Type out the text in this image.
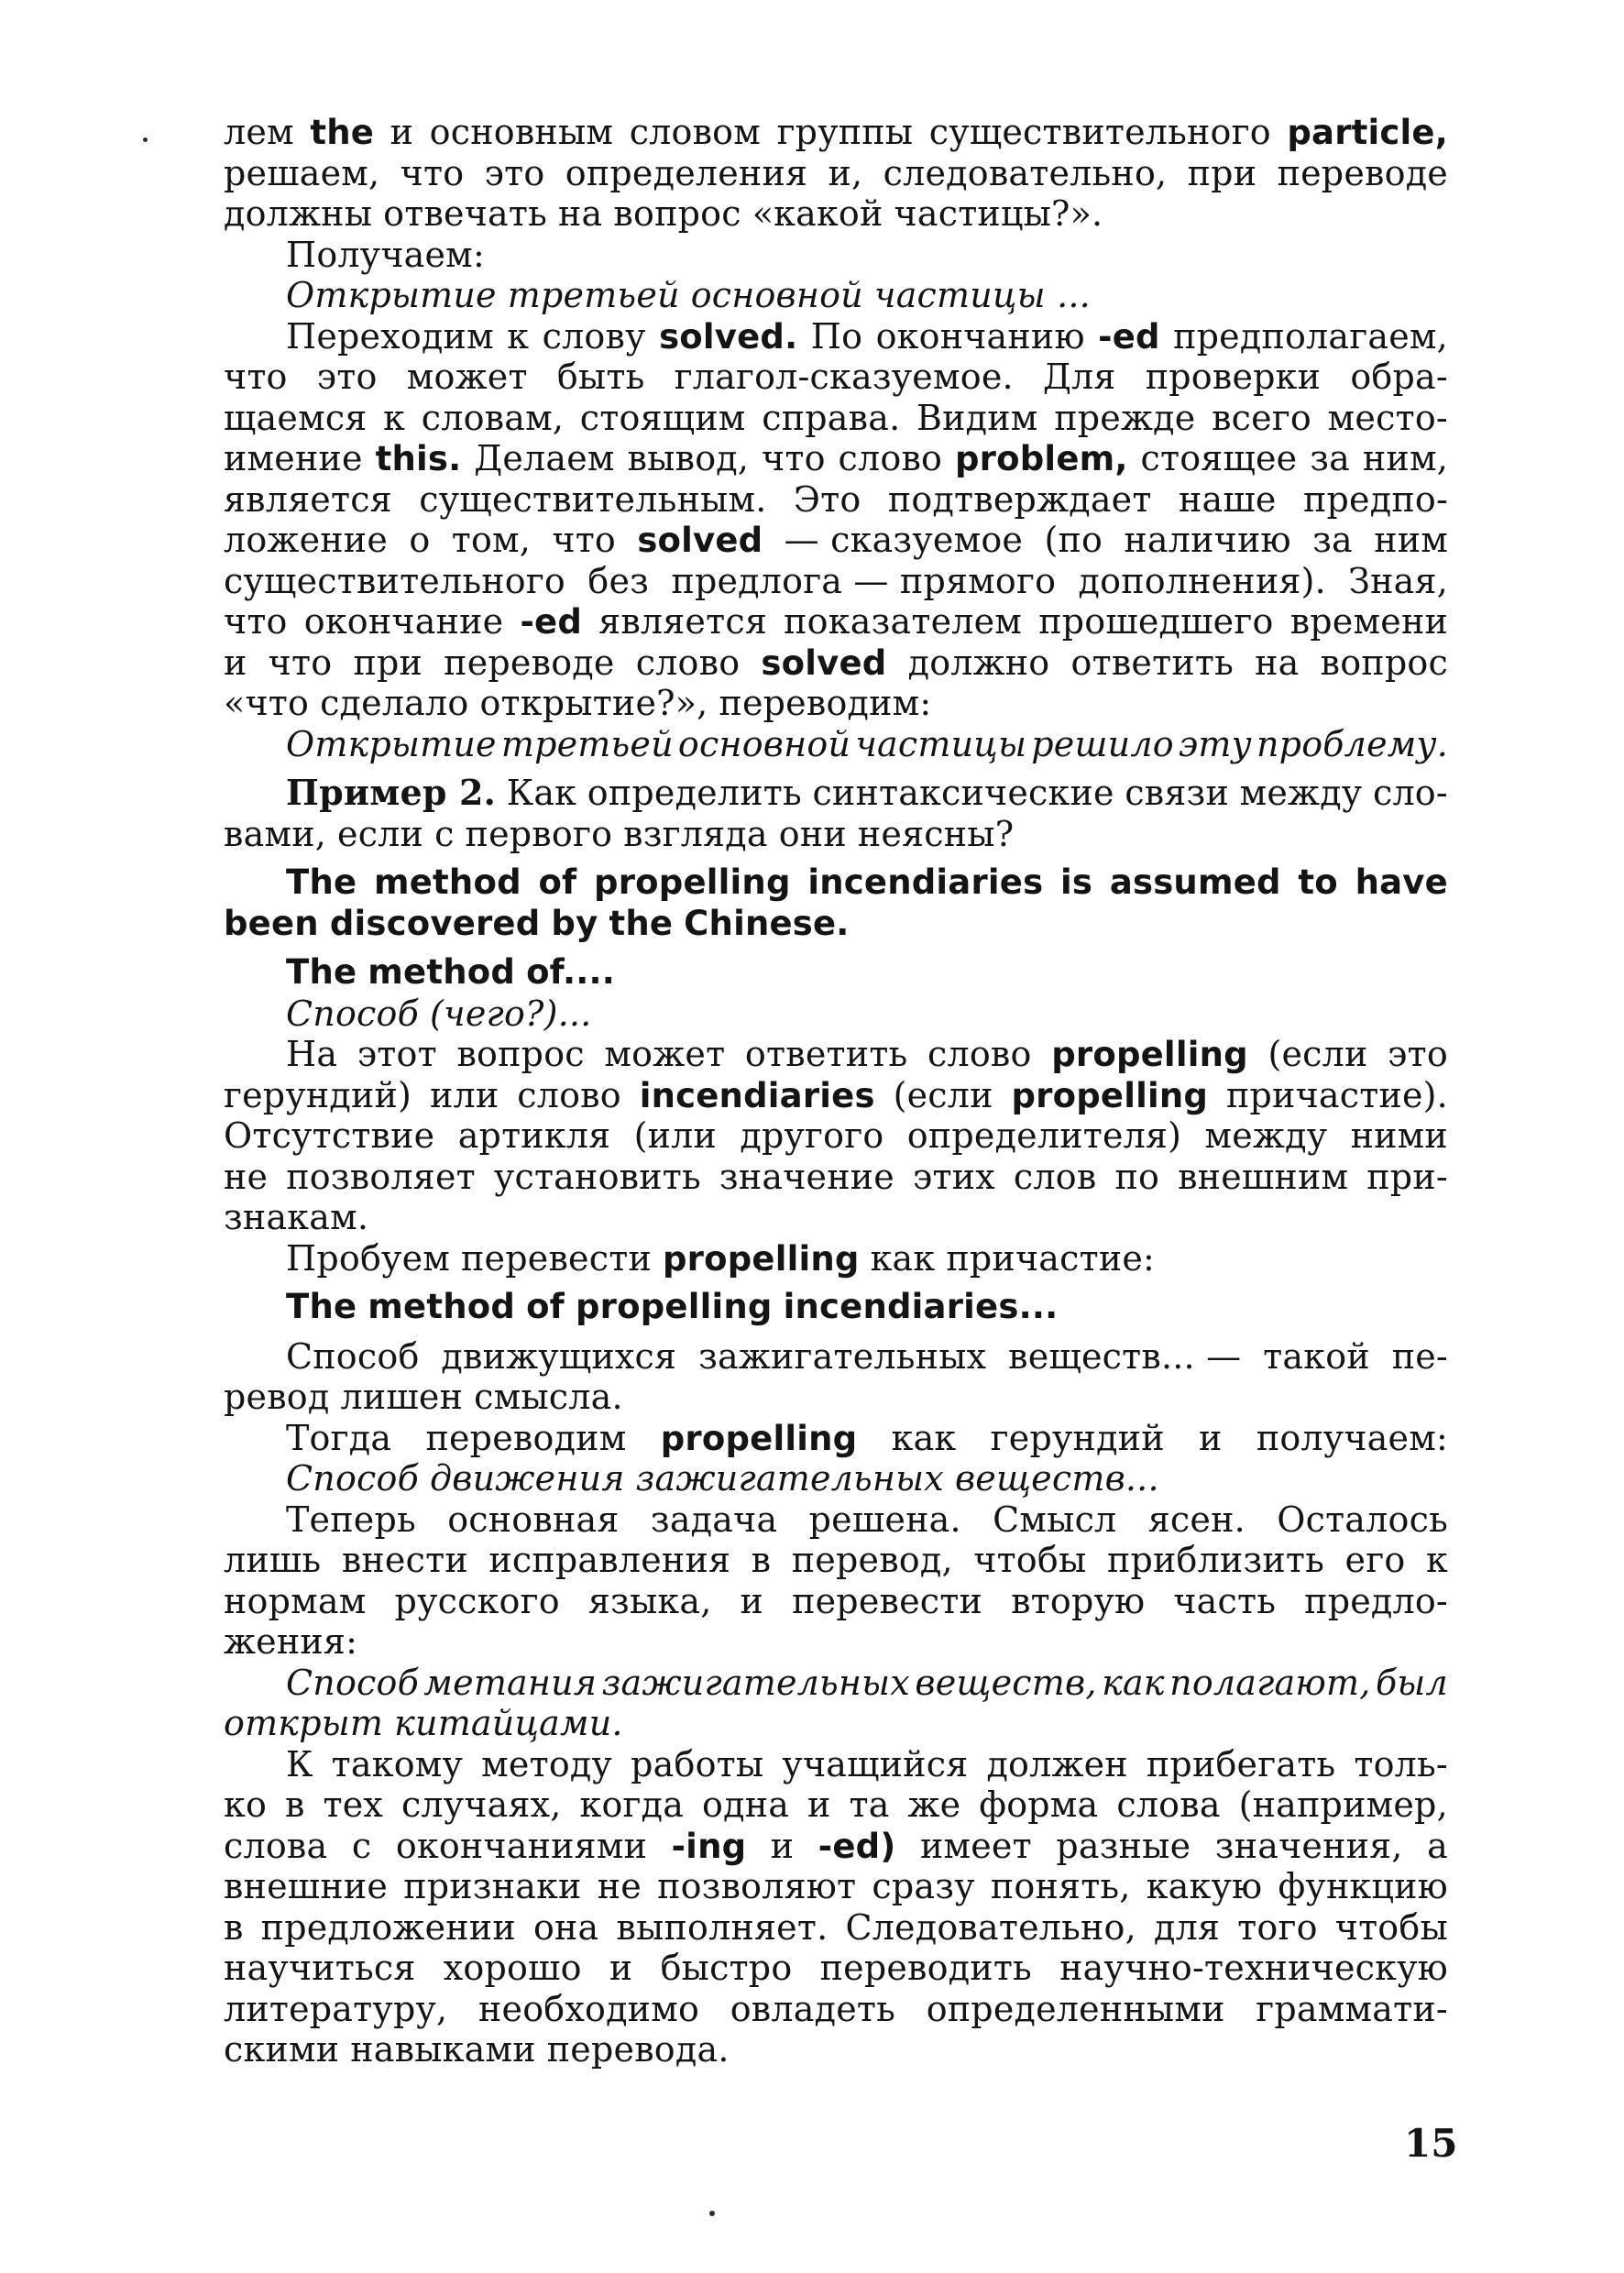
лем the и основным словом группы существительного particle,
решаем, что это определения и, следовательно, при переводе
должны отвечать на вопрос «какой частицы?».
Получаем:
Открытие третьей основной частицы ...
Переходим к слову solved. По окончанию -ed предполагаем,
что это может быть глагол-сказуемое. Для проверки обра-
щаемся к словам, стоящим справа. Видим прежде всего место-
имение this. Делаем вывод, что слово problem, стоящее за ним,
является существительным. Это подтверждает наше предпо-
ложение о том, что solved — сказуемое (по наличию за ним
существительного без предлога — прямого дополнения). Зная,
что окончание -ed является показателем прошедшего времени
и что при переводе слово solved должно ответить на вопрос
«что сделало открытие?», переводим:
Открытие третьей основной частицы решило эту проблему.
Пример 2. Как определить синтаксические связи между сло-
вами, если с первого взгляда они неясны?
The method of propelling incendiaries is assumed to have
been discovered by the Chinese.
The method of....
Способ (чего?)...
На этот вопрос может ответить слово propelling (если это
герундий) или слово incendiaries (если propelling причастие).
Отсутствие артикля (или другого определителя) между ними
не позволяет установить значение этих слов по внешним при-
знакам.
Пробуем перевести propelling как причастие:
The method of propelling incendiaries...
Способ движущихся зажигательных веществ... — такой пе-
ревод лишен смысла.
Тогда переводим propelling как герундий и получаем:
Способ движения зажигательных веществ...
Теперь основная задача решена. Смысл ясен. Осталось
лишь внести исправления в перевод, чтобы приблизить его к
нормам русского языка, и перевести вторую часть предло-
жения:
Способ метания зажигательных веществ, как полагают, был
открыт китайцами.
К такому методу работы учащийся должен прибегать толь-
ко в тех случаях, когда одна и та же форма слова (например,
слова с окончаниями -ing и -ed) имеет разные значения, а
внешние признаки не позволяют сразу понять, какую функцию
в предложении она выполняет. Следовательно, для того чтобы
научиться хорошо и быстро переводить научно-техническую
литературу, необходимо овладеть определенными граммати-
скими навыками перевода.
15
